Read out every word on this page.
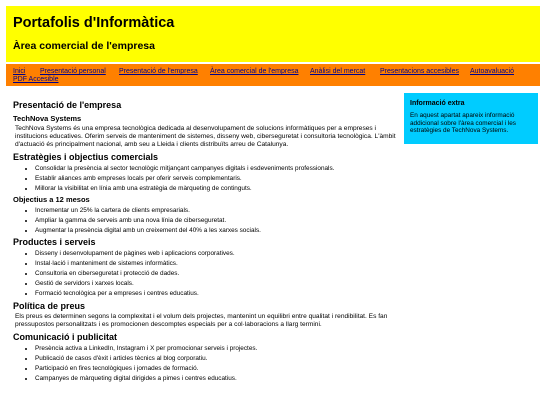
Portafolis d'Informàtica
Àrea comercial de l'empresa
Inici Presentació personal Presentació de l'empresa Àrea comercial de l'empresa Anàlisi del mercat Presentacions accesibles Autoavaluació
PDF Accesible
Presentació de l'empresa
TechNova Systems

TechNova Systems és una empresa tecnològica dedicada al desenvolupament de solucions informàtiques per a empreses i institucions educatives. Oferim serveis de manteniment de sistemes, disseny web, ciberseguretat i consultoria tecnològica. L'àmbit d'actuació és principalment nacional, amb seu a Lleida i clients distribuïts arreu de Catalunya.

Estratègies i objectius comercials
• Consolidar la presència al sector tecnològic mitjançant campanyes digitals i esdeveniments professionals.
• Establir aliances amb empreses locals per oferir serveis complementaris.
• Millorar la visibilitat en línia amb una estratègia de màrqueting de continguts.
Objectius a 12 mesos
• Incrementar un 25% la cartera de clients empresarials.
• Ampliar la gamma de serveis amb una nova línia de ciberseguretat.
• Augmentar la presència digital amb un creixement del 40% a les xarxes socials.
Productes i serveis
• Disseny i desenvolupament de pàgines web i aplicacions corporatives.
• Instal·lació i manteniment de sistemes informàtics.
• Consultoria en ciberseguretat i protecció de dades.
• Gestió de servidors i xarxes locals.
• Formació tecnològica per a empreses i centres educatius.
Política de preus

Els preus es determinen segons la complexitat i el volum dels projectes, mantenint un equilibri entre qualitat i rendibilitat. Es fan pressupostos personalitzats i es promocionen descomptes especials per a col·laboracions a llarg termini.

Comunicació i publicitat
• Presència activa a LinkedIn, Instagram i X per promocionar serveis i projectes.
• Publicació de casos d'èxit i articles tècnics al blog corporatiu.
• Participació en fires tecnològiques i jornades de formació.
• Campanyes de màrqueting digital dirigides a pimes i centres educatius.
Informació extra
En aquest apartat apareix informació addicional sobre l'àrea comercial i les estratègies de TechNova Systems.
